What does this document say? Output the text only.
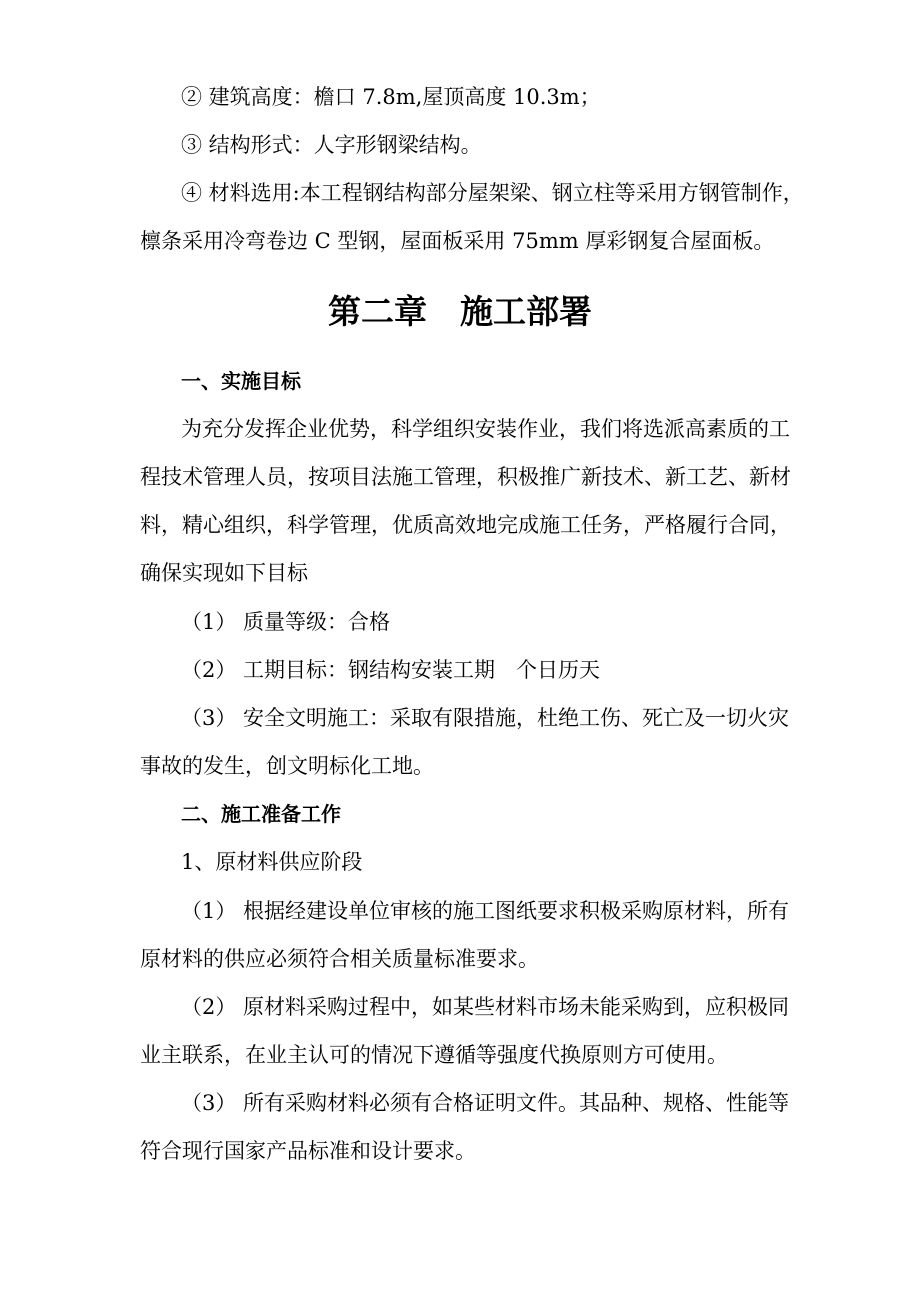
② 建筑高度：檐口 7.8m,屋顶高度 10.3m；
③ 结构形式：人字形钢梁结构。
④ 材料选用:本工程钢结构部分屋架梁、钢立柱等采用方钢管制作，
檩条采用冷弯卷边 C 型钢，屋面板采用 75mm 厚彩钢复合屋面板。
第二章　施工部署
一、实施目标
为充分发挥企业优势，科学组织安装作业，我们将选派高素质的工
程技术管理人员，按项目法施工管理，积极推广新技术、新工艺、新材
料，精心组织，科学管理，优质高效地完成施工任务，严格履行合同，
确保实现如下目标
（1） 质量等级：合格
（2） 工期目标：钢结构安装工期　个日历天
（3） 安全文明施工：采取有限措施，杜绝工伤、死亡及一切火灾
事故的发生，创文明标化工地。
二、施工准备工作
1、原材料供应阶段
（1） 根据经建设单位审核的施工图纸要求积极采购原材料，所有
原材料的供应必须符合相关质量标准要求。
（2） 原材料采购过程中，如某些材料市场未能采购到，应积极同
业主联系，在业主认可的情况下遵循等强度代换原则方可使用。
（3） 所有采购材料必须有合格证明文件。其品种、规格、性能等
符合现行国家产品标准和设计要求。
